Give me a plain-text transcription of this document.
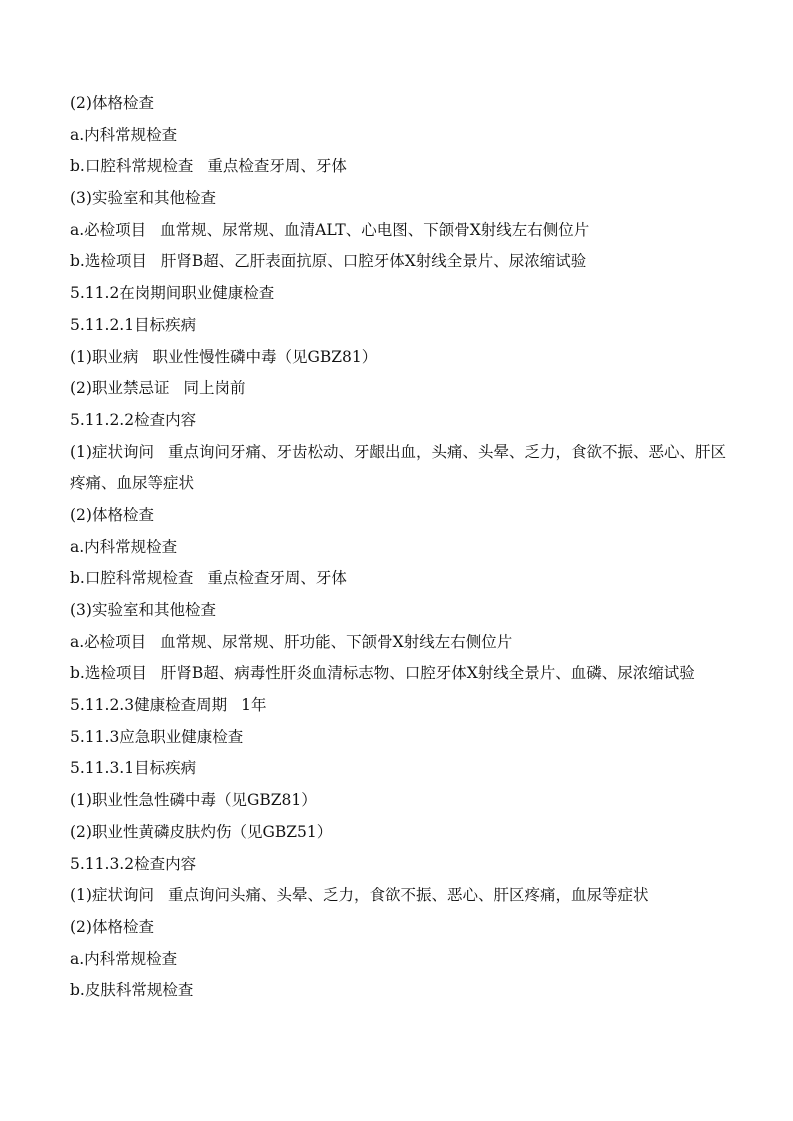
(2)体格检查
a.内科常规检查
b.口腔科常规检查 重点检查牙周、牙体
(3)实验室和其他检查
a.必检项目 血常规、尿常规、血清ALT、心电图、下颌骨X射线左右侧位片
b.选检项目 肝肾B超、乙肝表面抗原、口腔牙体X射线全景片、尿浓缩试验
5.11.2在岗期间职业健康检查
5.11.2.1目标疾病
(1)职业病 职业性慢性磷中毒（见GBZ81）
(2)职业禁忌证 同上岗前
5.11.2.2检查内容
(1)症状询问 重点询问牙痛、牙齿松动、牙龈出血，头痛、头晕、乏力，食欲不振、恶心、肝区疼痛、血尿等症状
(2)体格检查
a.内科常规检查
b.口腔科常规检查 重点检查牙周、牙体
(3)实验室和其他检查
a.必检项目 血常规、尿常规、肝功能、下颌骨X射线左右侧位片
b.选检项目 肝肾B超、病毒性肝炎血清标志物、口腔牙体X射线全景片、血磷、尿浓缩试验
5.11.2.3健康检查周期 1年
5.11.3应急职业健康检查
5.11.3.1目标疾病
(1)职业性急性磷中毒（见GBZ81）
(2)职业性黄磷皮肤灼伤（见GBZ51）
5.11.3.2检查内容
(1)症状询问 重点询问头痛、头晕、乏力，食欲不振、恶心、肝区疼痛，血尿等症状
(2)体格检查
a.内科常规检查
b.皮肤科常规检查
